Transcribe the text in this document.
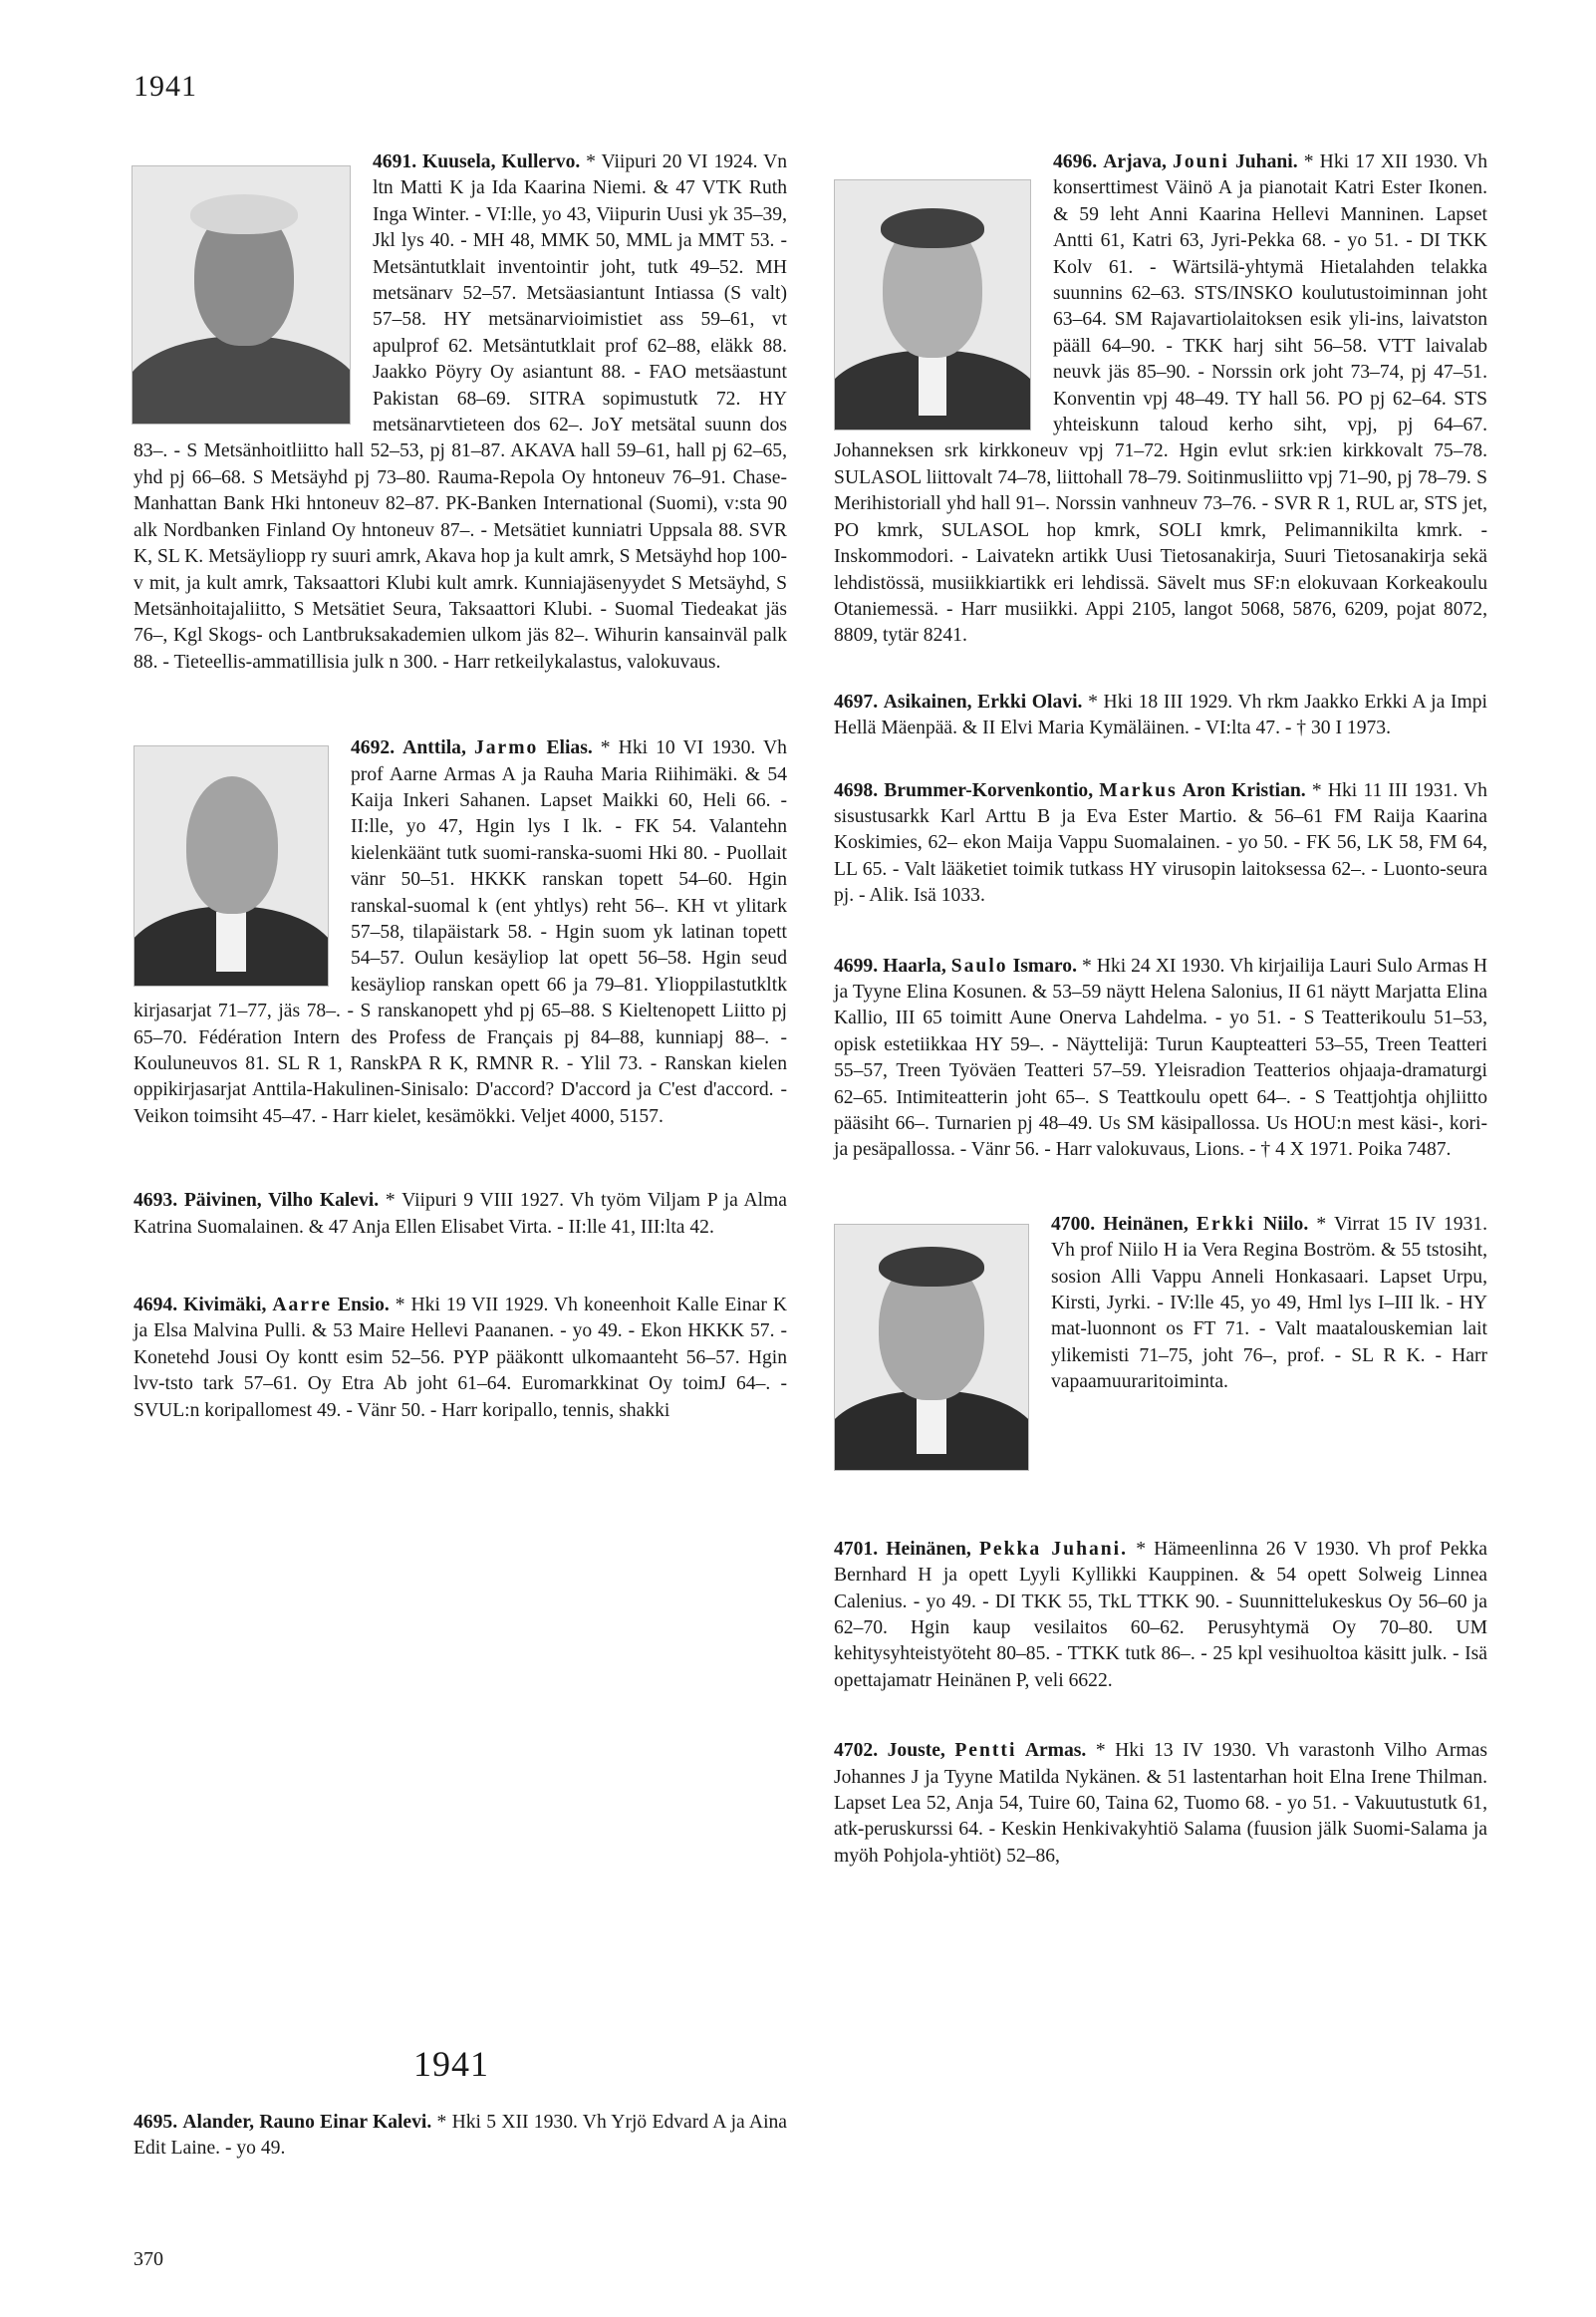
1941
4691. Kuusela, Kullervo. * Viipuri 20 VI 1924. Vn ltn Matti K ja Ida Kaarina Niemi. & 47 VTK Ruth Inga Winter. - VI:lle, yo 43, Viipurin Uusi yk 35–39, Jkl lys 40. - MH 48, MMK 50, MML ja MMT 53. - Metsäntutklait inventointir joht, tutk 49–52. MH metsänarv 52–57. Metsäasiantunt Intiassa (S valt) 57–58. HY metsänarvioimistiet ass 59–61, vt apulprof 62. Metsäntutklait prof 62–88, eläkk 88. Jaakko Pöyry Oy asiantunt 88. - FAO metsäastunt Pakistan 68–69. SITRA sopimustutk 72. HY metsänarvtieteen dos 62–. JoY metsätal suunn dos 83–. - S Metsänhoitliitto hall 52–53, pj 81–87. AKAVA hall 59–61, hall pj 62–65, yhd pj 66–68. S Metsäyhd pj 73–80. Rauma-Repola Oy hntoneuv 76–91. Chase-Manhattan Bank Hki hntoneuv 82–87. PK-Banken International (Suomi), v:sta 90 alk Nordbanken Finland Oy hntoneuv 87–. - Metsätiet kunniatri Uppsala 88. SVR K, SL K. Metsäyliopp ry suuri amrk, Akava hop ja kult amrk, S Metsäyhd hop 100-v mit, ja kult amrk, Taksaattori Klubi kult amrk. Kunniajäsenyydet S Metsäyhd, S Metsänhoitajaliitto, S Metsätiet Seura, Taksaattori Klubi. - Suomal Tiedeakat jäs 76–, Kgl Skogs- och Lantbruksakademien ulkom jäs 82–. Wihurin kansainväl palk 88. - Tieteellis-ammatillisia julk n 300. - Harr retkeilykalastus, valokuvaus.
4692. Anttila, Jarmo Elias. * Hki 10 VI 1930. Vh prof Aarne Armas A ja Rauha Maria Riihimäki. & 54 Kaija Inkeri Sahanen. Lapset Maikki 60, Heli 66. - II:lle, yo 47, Hgin lys I lk. - FK 54. Valantehn kielenkäänt tutk suomi-ranska-suomi Hki 80. - Puollait vänr 50–51. HKKK ranskan topett 54–60. Hgin ranskal-suomal k (ent yhtlys) reht 56–. KH vt ylitark 57–58, tilapäistark 58. - Hgin suom yk latinan topett 54–57. Oulun kesäyliop lat opett 56–58. Hgin seud kesäyliop ranskan opett 66 ja 79–81. Ylioppilastutkltk kirjasarjat 71–77, jäs 78–. - S ranskanopett yhd pj 65–88. S Kieltenopett Liitto pj 65–70. Fédération Intern des Profess de Français pj 84–88, kunniapj 88–. - Kouluneuvos 81. SL R 1, RanskPA R K, RMNR R. - Ylil 73. - Ranskan kielen oppikirjasarjat Anttila-Hakulinen-Sinisalo: D'accord? D'accord ja C'est d'accord. - Veikon toimsiht 45–47. - Harr kielet, kesämökki. Veljet 4000, 5157.
4693. Päivinen, Vilho Kalevi. * Viipuri 9 VIII 1927. Vh työm Viljam P ja Alma Katrina Suomalainen. & 47 Anja Ellen Elisabet Virta. - II:lle 41, III:lta 42.
4694. Kivimäki, Aarre Ensio. * Hki 19 VII 1929. Vh koneenhoit Kalle Einar K ja Elsa Malvina Pulli. & 53 Maire Hellevi Paananen. - yo 49. - Ekon HKKK 57. - Konetehd Jousi Oy kontt esim 52–56. PYP pääkontt ulkomaanteht 56–57. Hgin lvv-tsto tark 57–61. Oy Etra Ab joht 61–64. Euromarkkinat Oy toimJ 64–. - SVUL:n koripallomest 49. - Vänr 50. - Harr koripallo, tennis, shakki
1941
4695. Alander, Rauno Einar Kalevi. * Hki 5 XII 1930. Vh Yrjö Edvard A ja Aina Edit Laine. - yo 49.
370
4696. Arjava, Jouni Juhani. * Hki 17 XII 1930. Vh konserttimest Väinö A ja pianotait Katri Ester Ikonen. & 59 leht Anni Kaarina Hellevi Manninen. Lapset Antti 61, Katri 63, Jyri-Pekka 68. - yo 51. - DI TKK Kolv 61. - Wärtsilä-yhtymä Hietalahden telakka suunnins 62–63. STS/INSKO koulutustoiminnan joht 63–64. SM Rajavartiolaitoksen esik yli-ins, laivatston pääll 64–90. - TKK harj siht 56–58. VTT laivalab neuvk jäs 85–90. - Norssin ork joht 73–74, pj 47–51. Konventin vpj 48–49. TY hall 56. PO pj 62–64. STS yhteiskunn taloud kerho siht, vpj, pj 64–67. Johanneksen srk kirkkoneuv vpj 71–72. Hgin evlut srk:ien kirkkovalt 75–78. SULASOL liittovalt 74–78, liittohall 78–79. Soitinmusliitto vpj 71–90, pj 78–79. S Merihistoriall yhd hall 91–. Norssin vanhneuv 73–76. - SVR R 1, RUL ar, STS jet, PO kmrk, SULASOL hop kmrk, SOLI kmrk, Pelimannikilta kmrk. - Inskommodori. - Laivatekn artikk Uusi Tietosanakirja, Suuri Tietosanakirja sekä lehdistössä, musiikkiartikk eri lehdissä. Sävelt mus SF:n elokuvaan Korkeakoulu Otaniemessä. - Harr musiikki. Appi 2105, langot 5068, 5876, 6209, pojat 8072, 8809, tytär 8241.
4697. Asikainen, Erkki Olavi. * Hki 18 III 1929. Vh rkm Jaakko Erkki A ja Impi Hellä Mäenpää. & II Elvi Maria Kymäläinen. - VI:lta 47. - † 30 I 1973.
4698. Brummer-Korvenkontio, Markus Aron Kristian. * Hki 11 III 1931. Vh sisustusarkk Karl Arttu B ja Eva Ester Martio. & 56–61 FM Raija Kaarina Koskimies, 62– ekon Maija Vappu Suomalainen. - yo 50. - FK 56, LK 58, FM 64, LL 65. - Valt lääketiet toimik tutkass HY virusopin laitoksessa 62–. - Luonto-seura pj. - Alik. Isä 1033.
4699. Haarla, Saulo Ismaro. * Hki 24 XI 1930. Vh kirjailija Lauri Sulo Armas H ja Tyyne Elina Kosunen. & 53–59 näytt Helena Salonius, II 61 näytt Marjatta Elina Kallio, III 65 toimitt Aune Onerva Lahdelma. - yo 51. - S Teatterikoulu 51–53, opisk estetiikkaa HY 59–. - Näyttelijä: Turun Kaupteatteri 53–55, Treen Teatteri 55–57, Treen Työväen Teatteri 57–59. Yleisradion Teatterios ohjaaja-dramaturgi 62–65. Intimiteatterin joht 65–. S Teattkoulu opett 64–. - S Teattjohtja ohjliitto pääsiht 66–. Turnarien pj 48–49. Us SM käsipallossa. Us HOU:n mest käsi-, kori- ja pesäpallossa. - Vänr 56. - Harr valokuvaus, Lions. - † 4 X 1971. Poika 7487.
4700. Heinänen, Erkki Niilo. * Virrat 15 IV 1931. Vh prof Niilo H ia Vera Regina Boström. & 55 tstosiht, sosion Alli Vappu Anneli Honkasaari. Lapset Urpu, Kirsti, Jyrki. - IV:lle 45, yo 49, Hml lys I–III lk. - HY mat-luonnont os FT 71. - Valt maatalouskemian lait ylikemisti 71–75, joht 76–, prof. - SL R K. - Harr vapaamuuraritoiminta.
4701. Heinänen, Pekka Juhani. * Hämeenlinna 26 V 1930. Vh prof Pekka Bernhard H ja opett Lyyli Kyllikki Kauppinen. & 54 opett Solweig Linnea Calenius. - yo 49. - DI TKK 55, TkL TTKK 90. - Suunnittelukeskus Oy 56–60 ja 62–70. Hgin kaup vesilaitos 60–62. Perusyhtymä Oy 70–80. UM kehitysyhteistyöteht 80–85. - TTKK tutk 86–. - 25 kpl vesihuoltoa käsitt julk. - Isä opettajamatr Heinänen P, veli 6622.
4702. Jouste, Pentti Armas. * Hki 13 IV 1930. Vh varastonh Vilho Armas Johannes J ja Tyyne Matilda Nykänen. & 51 lastentarhan hoit Elna Irene Thilman. Lapset Lea 52, Anja 54, Tuire 60, Taina 62, Tuomo 68. - yo 51. - Vakuutustutk 61, atk-peruskurssi 64. - Keskin Henkivakyhtiö Salama (fuusion jälk Suomi-Salama ja myöh Pohjola-yhtiöt) 52–86,
